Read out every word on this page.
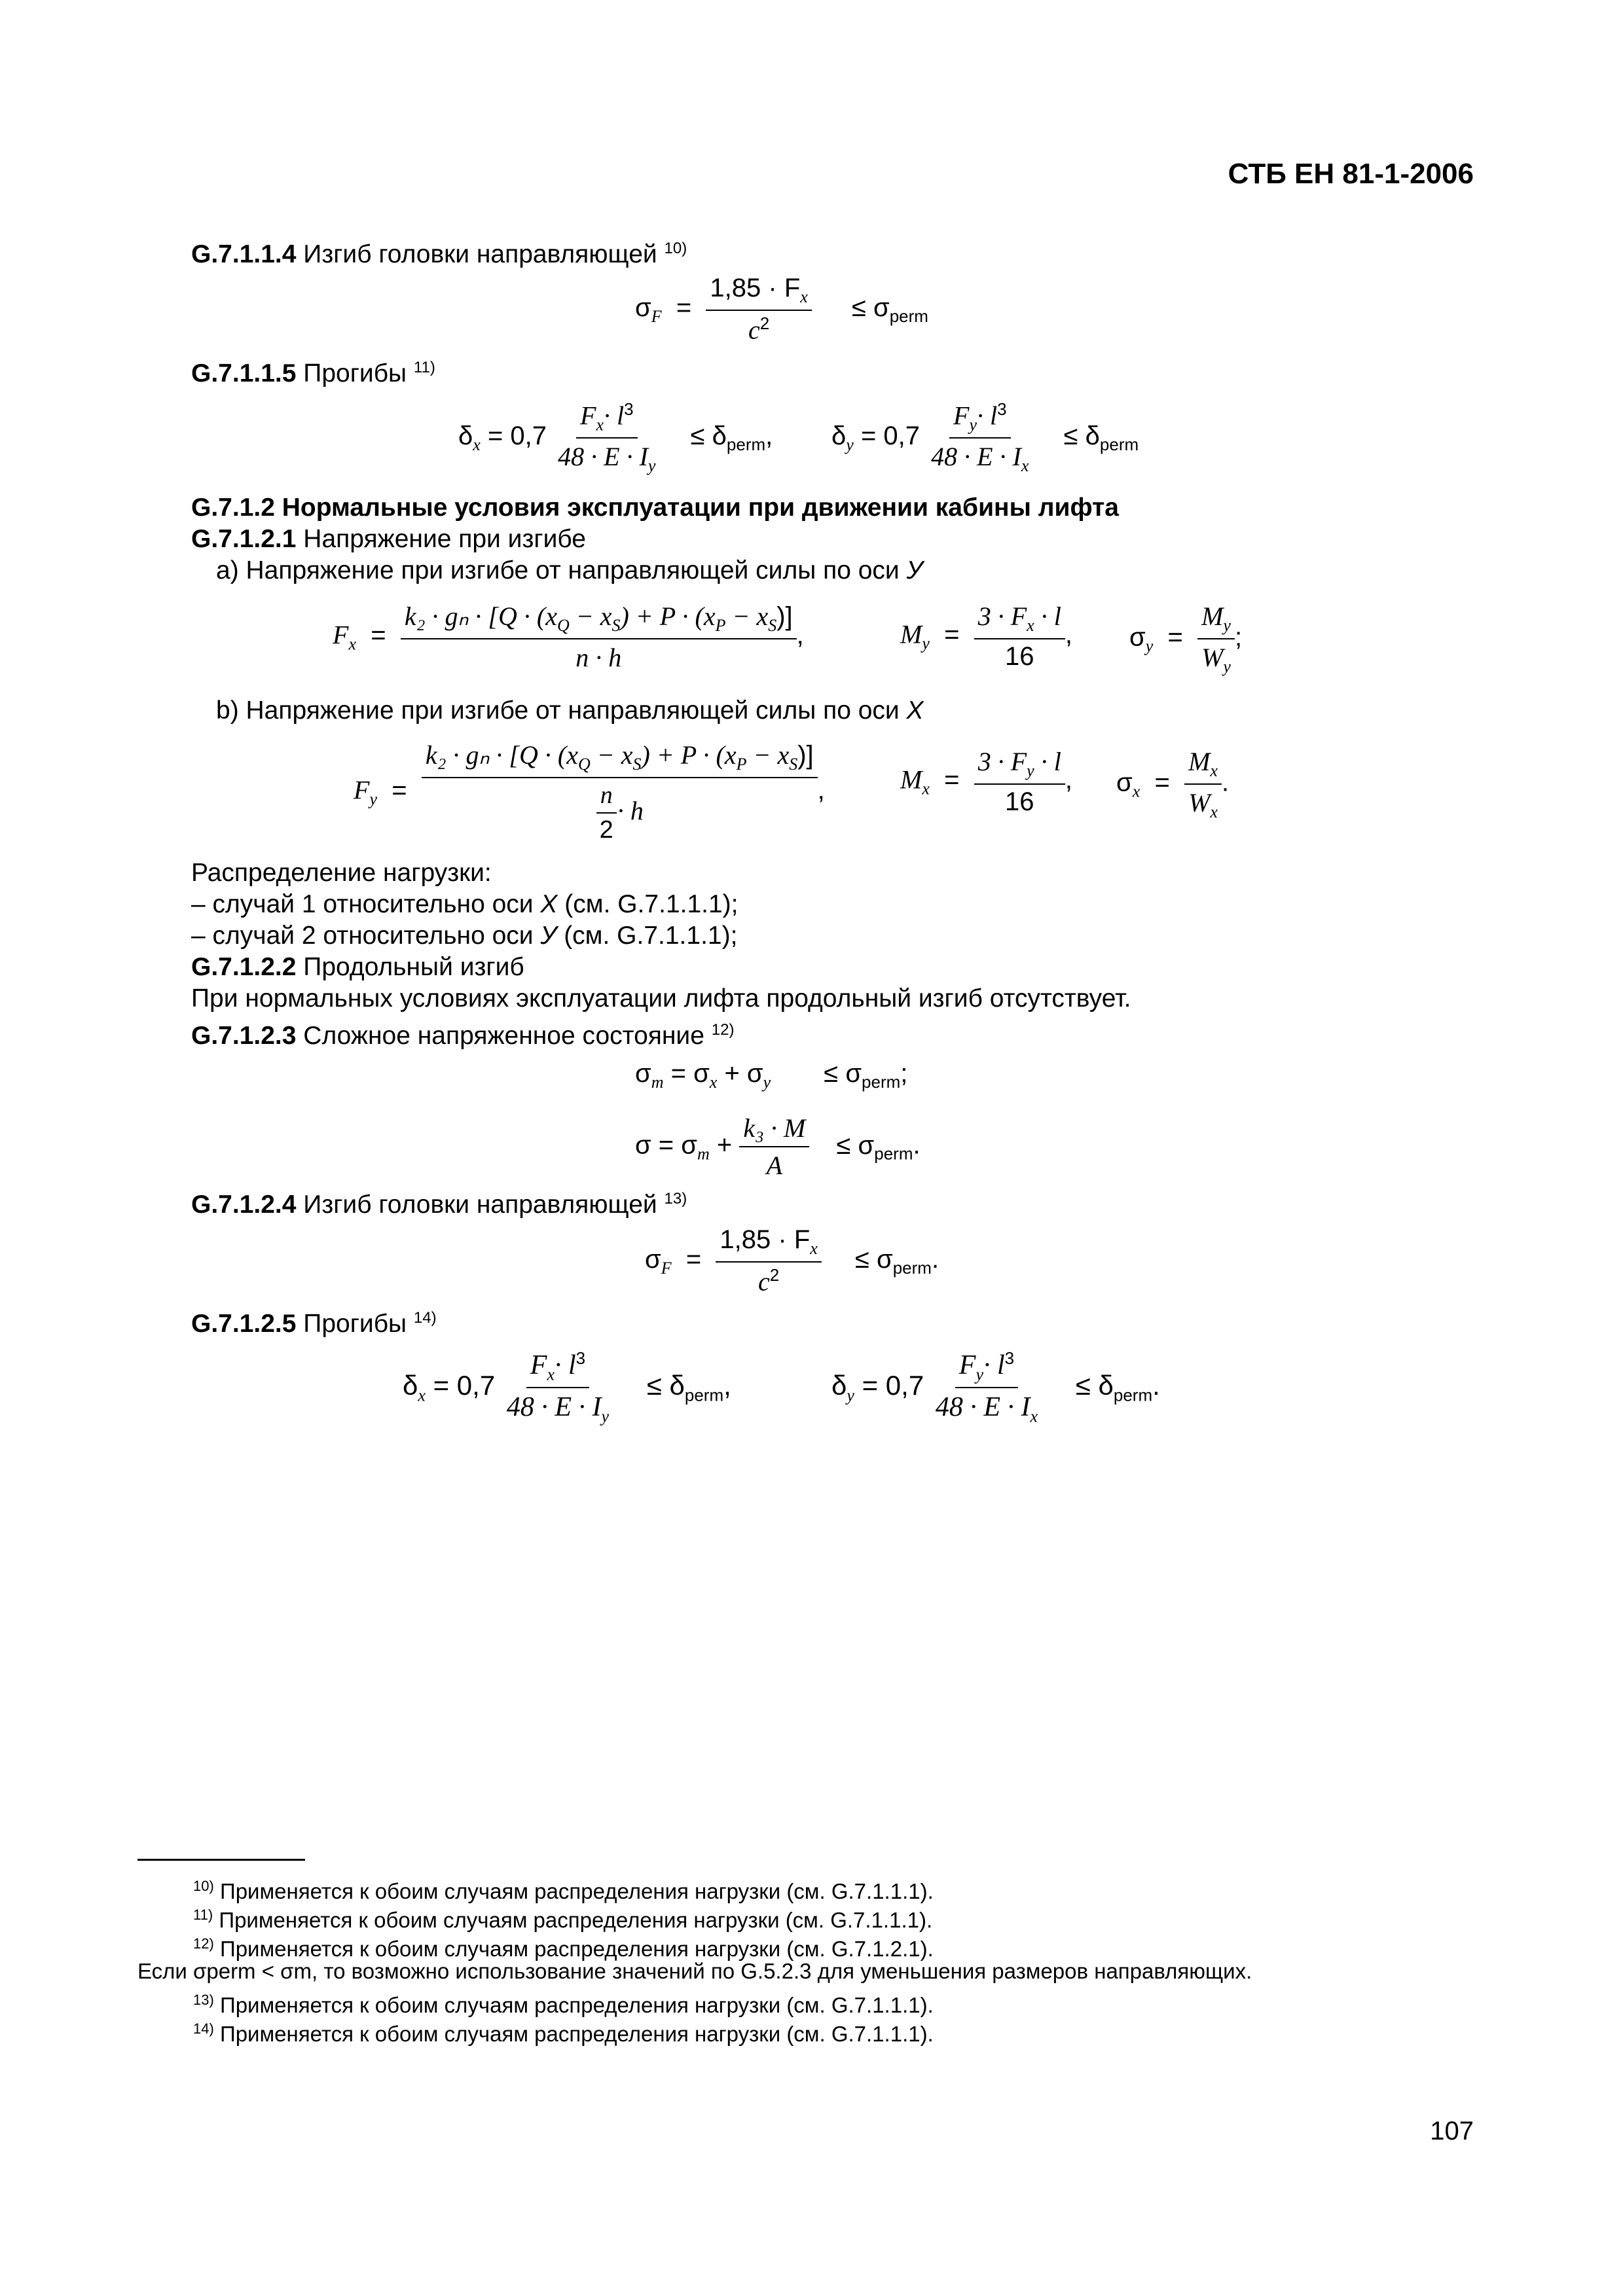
СТБ ЕН 81-1-2006
G.7.1.1.4 Изгиб головки направляющей $^{10)}$
$\sigma_F = \frac{1,85 \cdot F_x}{c^2} \le \sigma_{perm}$
G.7.1.1.5 Прогибы $^{11)}$
$\delta_x = 0,7 \frac{F_x\cdot l^3}{48 \cdot E \cdot I_y} \le \delta_{perm}$, $\delta_y = 0,7 \frac{F_y\cdot l^3}{48 \cdot E \cdot I_x} \le \delta_{perm}$
G.7.1.2 Нормальные условия эксплуатации при движении кабины лифта
G.7.1.2.1 Напряжение при изгибе
а) Напряжение при изгибе от направляющей силы по оси У
$F_x = \frac{k_2 \cdot g_n \cdot [Q \cdot (x_Q - x_S) + P \cdot (x_P - x_S)]}{n \cdot h}$ ,	$M_y = \frac{3 \cdot F_x \cdot l}{16}$ , $\sigma_y = \frac{M_y}{W_y}$ ;
b) Напряжение при изгибе от направляющей силы по оси Х
$F_y = \frac{k_2 \cdot g_n \cdot [Q \cdot (x_Q - x_S) + P \cdot (x_P - x_S)]}{\frac{n}{2} \cdot h}$ ,	$M_x = \frac{3 \cdot F_y \cdot l}{16}$ , $\sigma_x = \frac{M_x}{W_x}$ .
Распределение нагрузки:
– случай 1 относительно оси Х (см. G.7.1.1.1);
– случай 2 относительно оси У (см. G.7.1.1.1);
G.7.1.2.2 Продольный изгиб
При нормальных условиях эксплуатации лифта продольный изгиб отсутствует.
G.7.1.2.3 Сложное напряженное состояние $^{12)}$
$\sigma_m = \sigma_x + \sigma_y \le \sigma_{perm}$;
$\sigma = \sigma_m + \frac{\text{k₃ · M}}{A} \le \sigma_{perm}$.
G.7.1.2.4 Изгиб головки направляющей $^{13)}$
$\sigma_F = \frac{1,85 \cdot F_x}{c^2} \le \sigma_{perm}$.
G.7.1.2.5 Прогибы $^{14)}$
$\delta_x = 0,7 \frac{F_x\cdot l^3}{48 \cdot E \cdot I_y} \le \delta_{perm}$,	$\delta_y = 0,7 \frac{F_y\cdot l^3}{48 \cdot E \cdot I_x} \le \delta_{perm}$.
$^{10)}$ Применяется к обоим случаям распределения нагрузки (см. G.7.1.1.1).
$^{11)}$ Применяется к обоим случаям распределения нагрузки (см. G.7.1.1.1).
$^{12)}$ Применяется к обоим случаям распределения нагрузки (см. G.7.1.2.1).
Если σperm < σm, то возможно использование значений по G.5.2.3 для уменьшения размеров направляющих.
$^{13)}$ Применяется к обоим случаям распределения нагрузки (см. G.7.1.1.1).
$^{14)}$ Применяется к обоим случаям распределения нагрузки (см. G.7.1.1.1).
107
